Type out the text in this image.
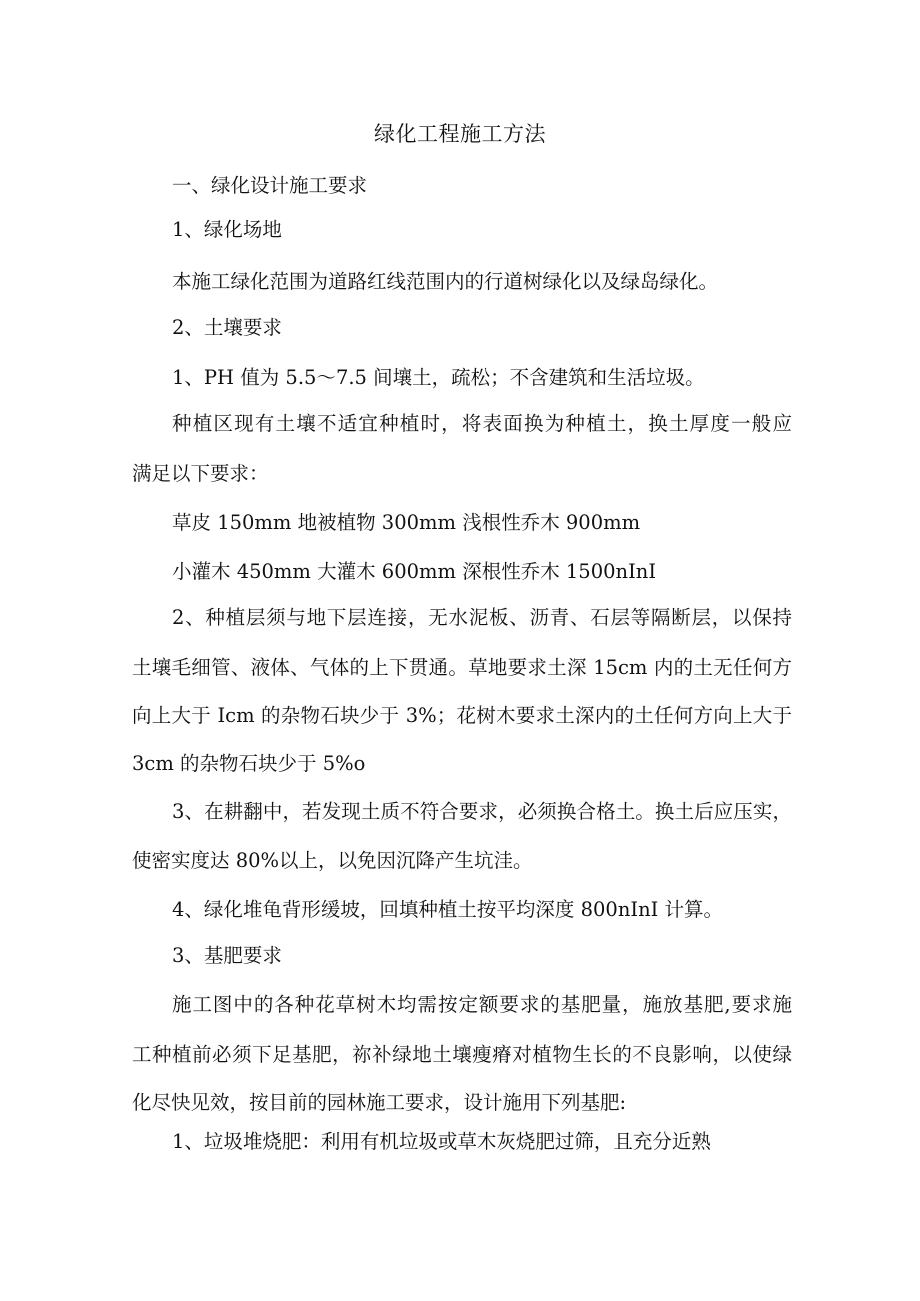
绿化工程施工方法
一、绿化设计施工要求
1、绿化场地
本施工绿化范围为道路红线范围内的行道树绿化以及绿岛绿化。
2、土壤要求
1、PH 值为 5.5～7.5 间壤土，疏松；不含建筑和生活垃圾。
种植区现有土壤不适宜种植时，将表面换为种植土，换土厚度一般应
满足以下要求：
草皮 150mm 地被植物 300mm 浅根性乔木 900mm
小灌木 450mm 大灌木 600mm 深根性乔木 1500nInI
2、种植层须与地下层连接，无水泥板、沥青、石层等隔断层，以保持
土壤毛细管、液体、气体的上下贯通。草地要求土深 15cm 内的土无任何方
向上大于 Icm 的杂物石块少于 3%；花树木要求土深内的土任何方向上大于
3cm 的杂物石块少于 5%o
3、在耕翻中，若发现土质不符合要求，必须换合格土。换土后应压实，
使密实度达 80%以上，以免因沉降产生坑洼。
4、绿化堆龟背形缓坡，回填种植土按平均深度 800nInI 计算。
3、基肥要求
施工图中的各种花草树木均需按定额要求的基肥量，施放基肥,要求施
工种植前必须下足基肥，祢补绿地土壤瘦瘠对植物生长的不良影响，以使绿
化尽快见效，按目前的园林施工要求，设计施用下列基肥:
1、垃圾堆烧肥：利用有机垃圾或草木灰烧肥过筛，且充分近熟
